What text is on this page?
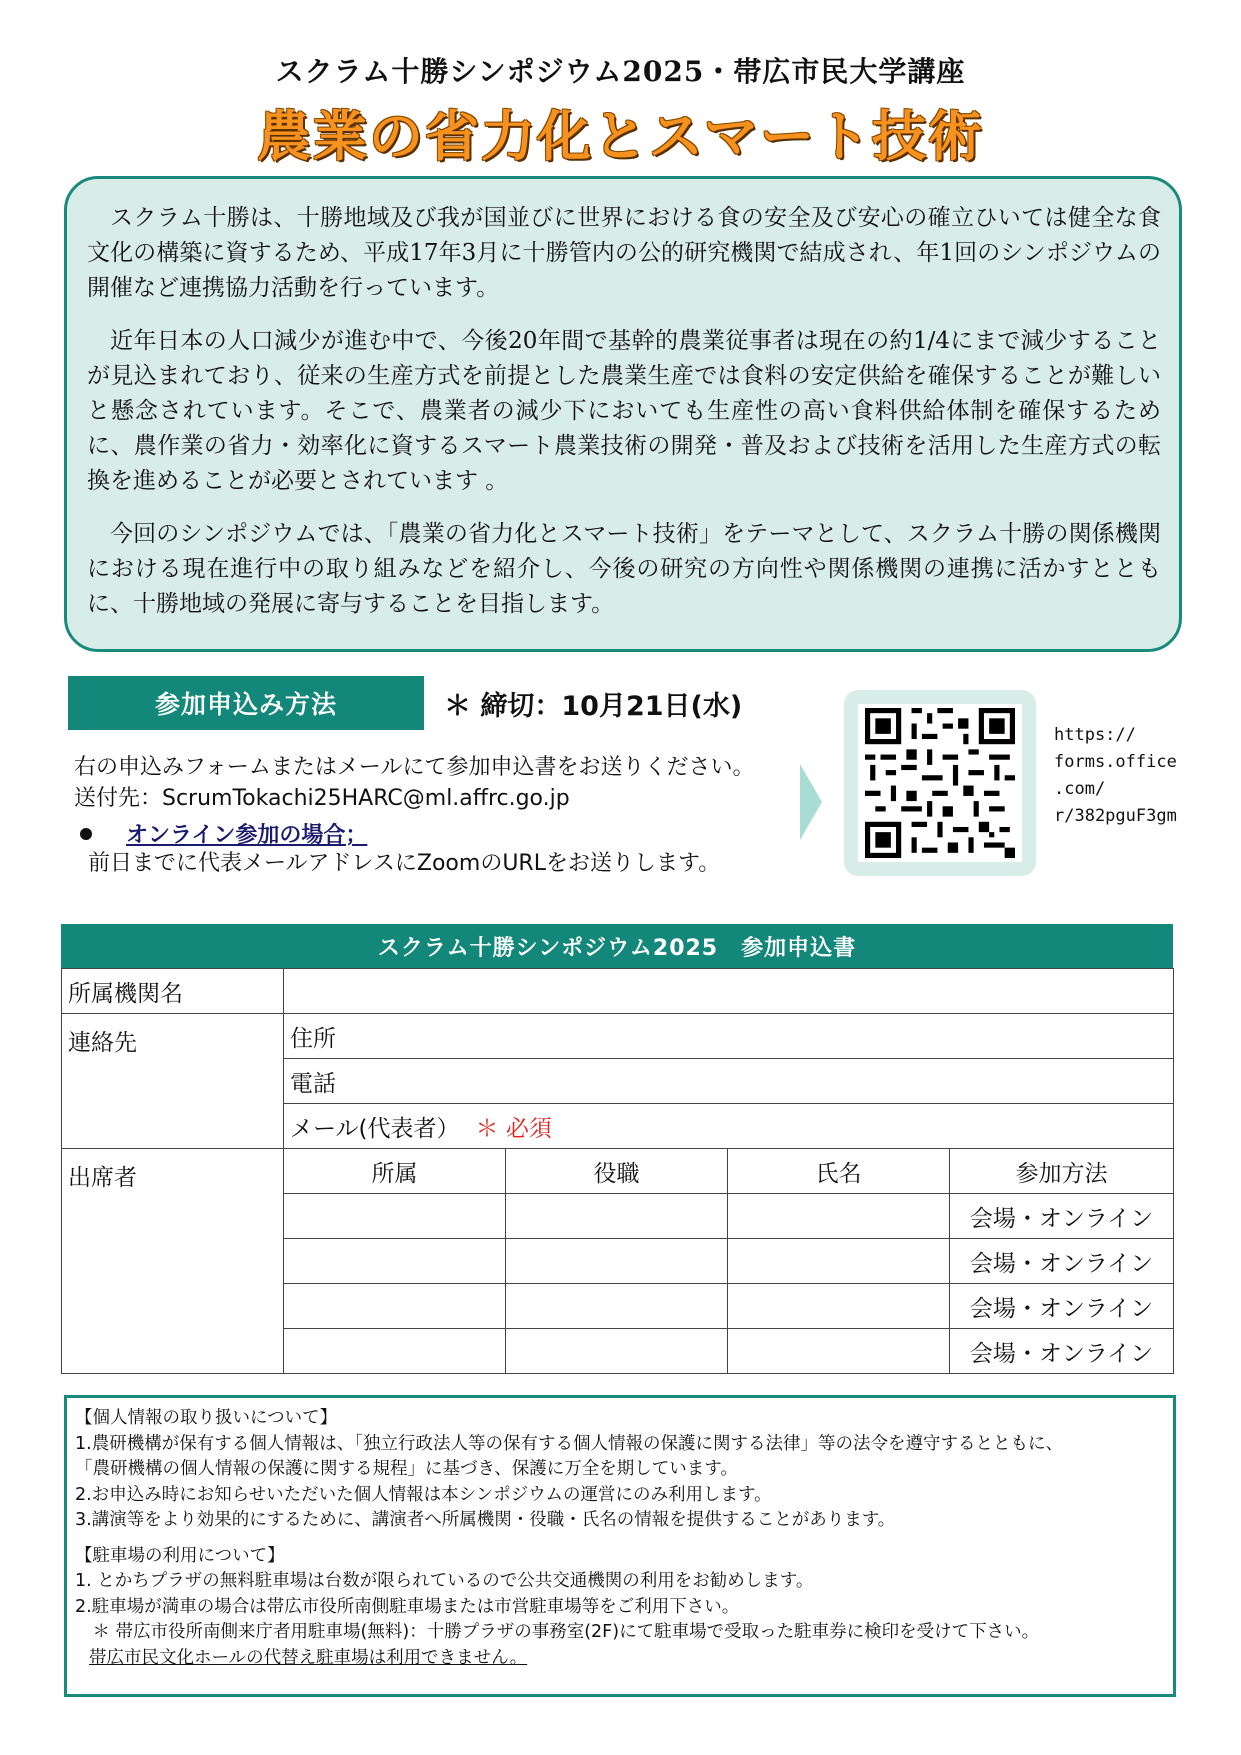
スクラム十勝シンポジウム2025・帯広市民大学講座
農業の省力化とスマート技術

スクラム十勝は、十勝地域及び我が国並びに世界における食の安全及び安心の確立ひいては健全な食文化の構築に資するため、平成17年3月に十勝管内の公的研究機関で結成され、年1回のシンポジウムの開催など連携協力活動を行っています。

近年日本の人口減少が進む中で、今後20年間で基幹的農業従事者は現在の約1/4にまで減少することが見込まれており、従来の生産方式を前提とした農業生産では食料の安定供給を確保することが難しいと懸念されています。そこで、農業者の減少下においても生産性の高い食料供給体制を確保するために、農作業の省力・効率化に資するスマート農業技術の開発・普及および技術を活用した生産方式の転換を進めることが必要とされています 。

今回のシンポジウムでは、「農業の省力化とスマート技術」をテーマとして、スクラム十勝の関係機関における現在進行中の取り組みなどを紹介し、今後の研究の方向性や関係機関の連携に活かすとともに、十勝地域の発展に寄与することを目指します。

参加申込み方法	＊ 締切：10月21日(水)
右の申込みフォームまたはメールにて参加申込書をお送りください。
送付先：ScrumTokachi25HARC@ml.affrc.go.jp
オンライン参加の場合；
前日までに代表メールアドレスにZoomのURLをお送りします。
https://
forms.office
.com/
r/382pguF3gm
スクラム十勝シンポジウム2025　参加申込書
所属機関名				
連絡先	住所			
	電話			
	メール(代表者） ＊ 必須			
出席者	所属	役職	氏名	参加方法
				会場・オンライン
				会場・オンライン
				会場・オンライン
				会場・オンライン
【個人情報の取り扱いについて】
1.農研機構が保有する個人情報は、「独立行政法人等の保有する個人情報の保護に関する法律」等の法令を遵守するとともに、
「農研機構の個人情報の保護に関する規程」に基づき、保護に万全を期しています。
2.お申込み時にお知らせいただいた個人情報は本シンポジウムの運営にのみ利用します。
3.講演等をより効果的にするために、講演者へ所属機関・役職・氏名の情報を提供することがあります。
【駐車場の利用について】
1. とかちプラザの無料駐車場は台数が限られているので公共交通機関の利用をお勧めします。
2.駐車場が満車の場合は帯広市役所南側駐車場または市営駐車場等をご利用下さい。
　＊ 帯広市役所南側来庁者用駐車場(無料)：十勝プラザの事務室(2F)にて駐車場で受取った駐車券に検印を受けて下さい。
帯広市民文化ホールの代替え駐車場は利用できません。
